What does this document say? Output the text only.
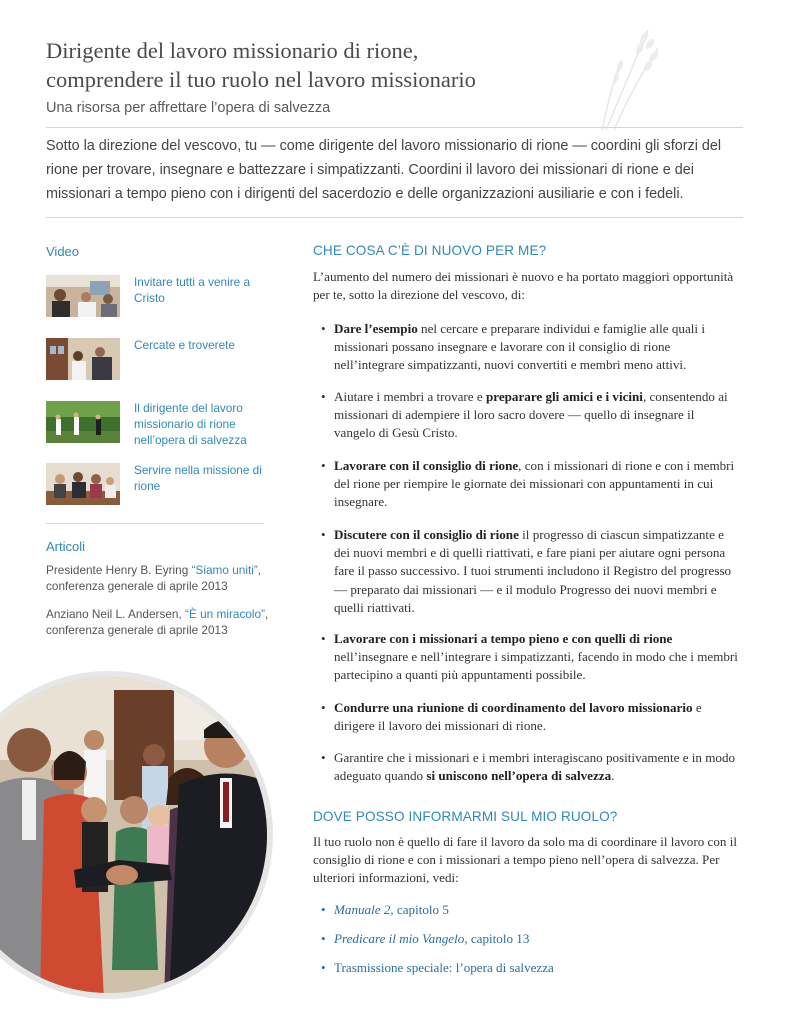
Dirigente del lavoro missionario di rione,
comprendere il tuo ruolo nel lavoro missionario
Una risorsa per affrettare l’opera di salvezza
Sotto la direzione del vescovo, tu — come dirigente del lavoro missionario di rione — coordini gli sforzi del rione per trovare, insegnare e battezzare i simpatizzanti. Coordini il lavoro dei missionari di rione e dei missionari a tempo pieno con i dirigenti del sacerdozio e delle organizzazioni ausiliarie e con i fedeli.
Video
Invitare tutti a venire a Cristo
Cercate e troverete
Il dirigente del lavoro missionario di rione nell’opera di salvezza
Servire nella missione di rione
Articoli
Presidente Henry B. Eyring “Siamo uniti”, conferenza generale di aprile 2013
Anziano Neil L. Andersen, “È un miracolo”, conferenza generale di aprile 2013
CHE COSA C’È DI NUOVO PER ME?
L’aumento del numero dei missionari è nuovo e ha portato maggiori opportunità per te, sotto la direzione del vescovo, di:
• Dare l’esempio nel cercare e preparare individui e famiglie alle quali i missionari possano insegnare e lavorare con il consiglio di rione nell’integrare simpatizzanti, nuovi convertiti e membri meno attivi.
• Aiutare i membri a trovare e preparare gli amici e i vicini, consentendo ai missionari di adempiere il loro sacro dovere — quello di insegnare il vangelo di Gesù Cristo.
• Lavorare con il consiglio di rione, con i missionari di rione e con i membri del rione per riempire le giornate dei missionari con appuntamenti in cui insegnare.
• Discutere con il consiglio di rione il progresso di ciascun simpatizzante e dei nuovi membri e di quelli riattivati, e fare piani per aiutare ogni persona fare il passo successivo. I tuoi strumenti includono il Registro del progresso — preparato dai missionari — e il modulo Progresso dei nuovi membri e quelli riattivati.
• Lavorare con i missionari a tempo pieno e con quelli di rione nell’insegnare e nell’integrare i simpatizzanti, facendo in modo che i membri partecipino a quanti più appuntamenti possibile.
• Condurre una riunione di coordinamento del lavoro missionario e dirigere il lavoro dei missionari di rione.
• Garantire che i missionari e i membri interagiscano positivamente e in modo adeguato quando si uniscono nell’opera di salvezza.
DOVE POSSO INFORMARMI SUL MIO RUOLO?
Il tuo ruolo non è quello di fare il lavoro da solo ma di coordinare il lavoro con il consiglio di rione e con i missionari a tempo pieno nell’opera di salvezza. Per ulteriori informazioni, vedi:
• Manuale 2, capitolo 5
• Predicare il mio Vangelo, capitolo 13
• Trasmissione speciale: l’opera di salvezza
